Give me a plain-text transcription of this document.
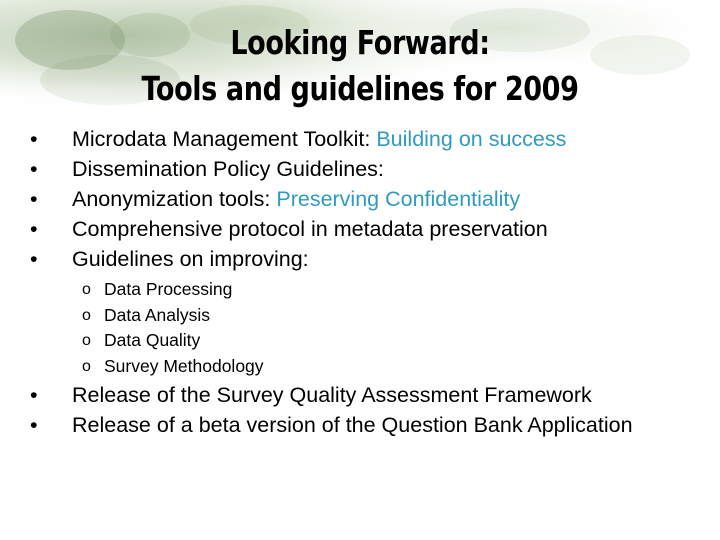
Looking Forward:
Tools and guidelines for 2009
•	Microdata Management Toolkit: Building on success
•	Dissemination Policy Guidelines:
•	Anonymization tools: Preserving Confidentiality
•	Comprehensive protocol in metadata preservation
•	Guidelines on improving:
o Data Processing
o Data Analysis
o Data Quality
o Survey Methodology
• Release of the Survey Quality Assessment Framework
• Release of a beta version of the Question Bank Application
